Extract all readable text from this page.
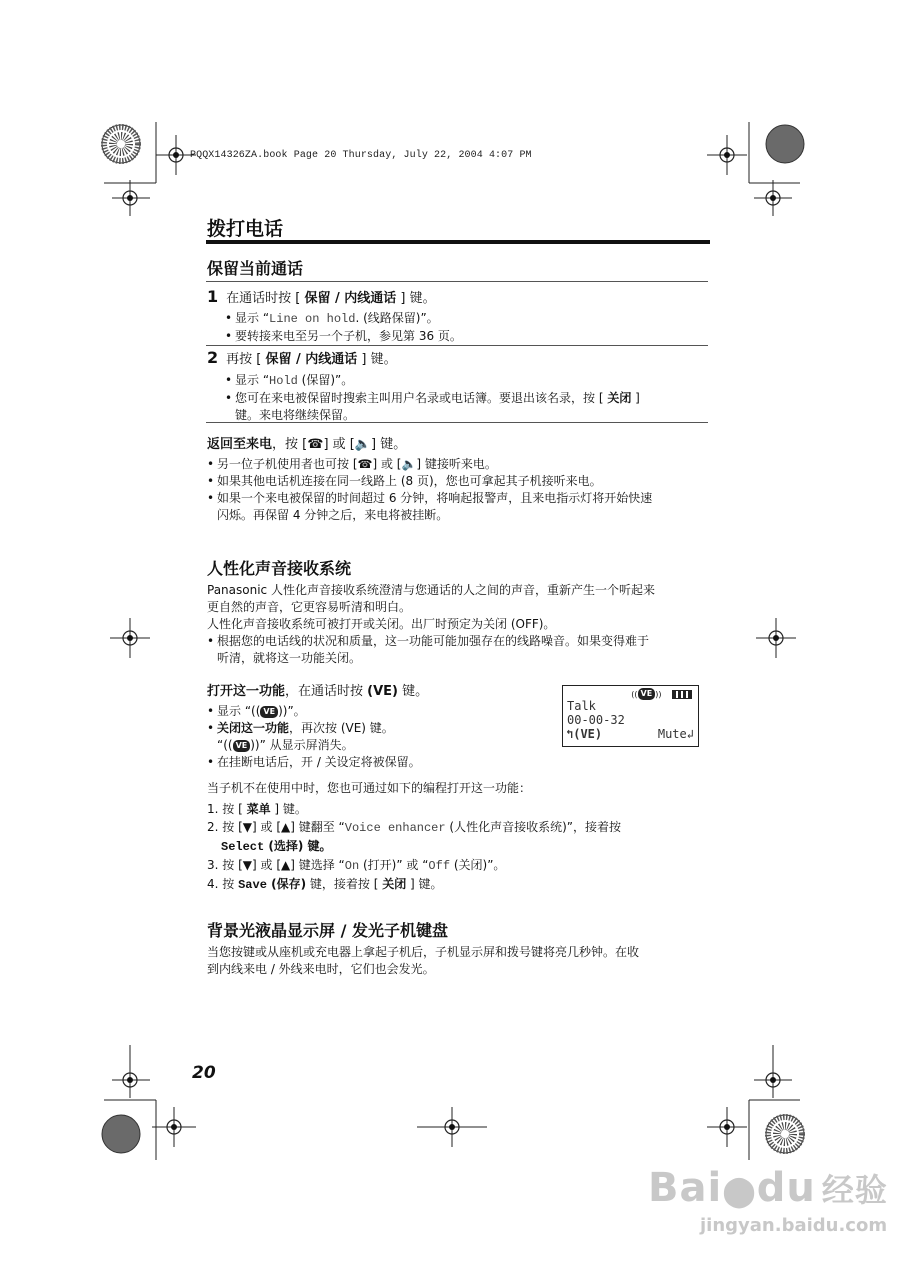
PQQX14326ZA.book Page 20 Thursday, July 22, 2004 4:07 PM
拨打电话
保留当前通话
1 在通话时按 [ 保留 / 内线通话 ] 键。
• 显示 “Line on hold. (线路保留)”。
• 要转接来电至另一个子机，参见第 36 页。
2 再按 [ 保留 / 内线通话 ] 键。
• 显示 “Hold (保留)”。
• 您可在来电被保留时搜索主叫用户名录或电话簿。要退出该名录，按 [ 关闭 ]
键。来电将继续保留。
返回至来电，按 [☎] 或 [🔈] 键。
• 另一位子机使用者也可按 [☎] 或 [🔈] 键接听来电。
• 如果其他电话机连接在同一线路上 (8 页)，您也可拿起其子机接听来电。
• 如果一个来电被保留的时间超过 6 分钟，将响起报警声，且来电指示灯将开始快速
闪烁。再保留 4 分钟之后，来电将被挂断。
人性化声音接收系统
Panasonic 人性化声音接收系统澄清与您通话的人之间的声音，重新产生一个听起来
更自然的声音，它更容易听清和明白。
人性化声音接收系统可被打开或关闭。出厂时预定为关闭 (OFF)。
• 根据您的电话线的状况和质量，这一功能可能加强存在的线路噪音。如果变得难于
听清，就将这一功能关闭。
打开这一功能，在通话时按 (VE) 键。
• 显示 “(( VE ))”。
• 关闭这一功能，再次按 (VE) 键。
“(( VE ))” 从显示屏消失。
• 在挂断电话后，开 / 关设定将被保留。
(( VE ))
Talk
00-00-32
↰(VE)	Mute↲
当子机不在使用中时，您也可通过如下的编程打开这一功能：
1. 按 [ 菜单 ] 键。
2. 按 [▼] 或 [▲] 键翻至 “Voice enhancer (人性化声音接收系统)”，接着按
Select (选择) 键。
3. 按 [▼] 或 [▲] 键选择 “On (打开)” 或 “Off (关闭)”。
4. 按 Save (保存) 键，接着按 [ 关闭 ] 键。
背景光液晶显示屏 / 发光子机键盘
当您按键或从座机或充电器上拿起子机后，子机显示屏和拨号键将亮几秒钟。在收
到内线来电 / 外线来电时，它们也会发光。
20
Bai⬤du 经验
jingyan.baidu.com
